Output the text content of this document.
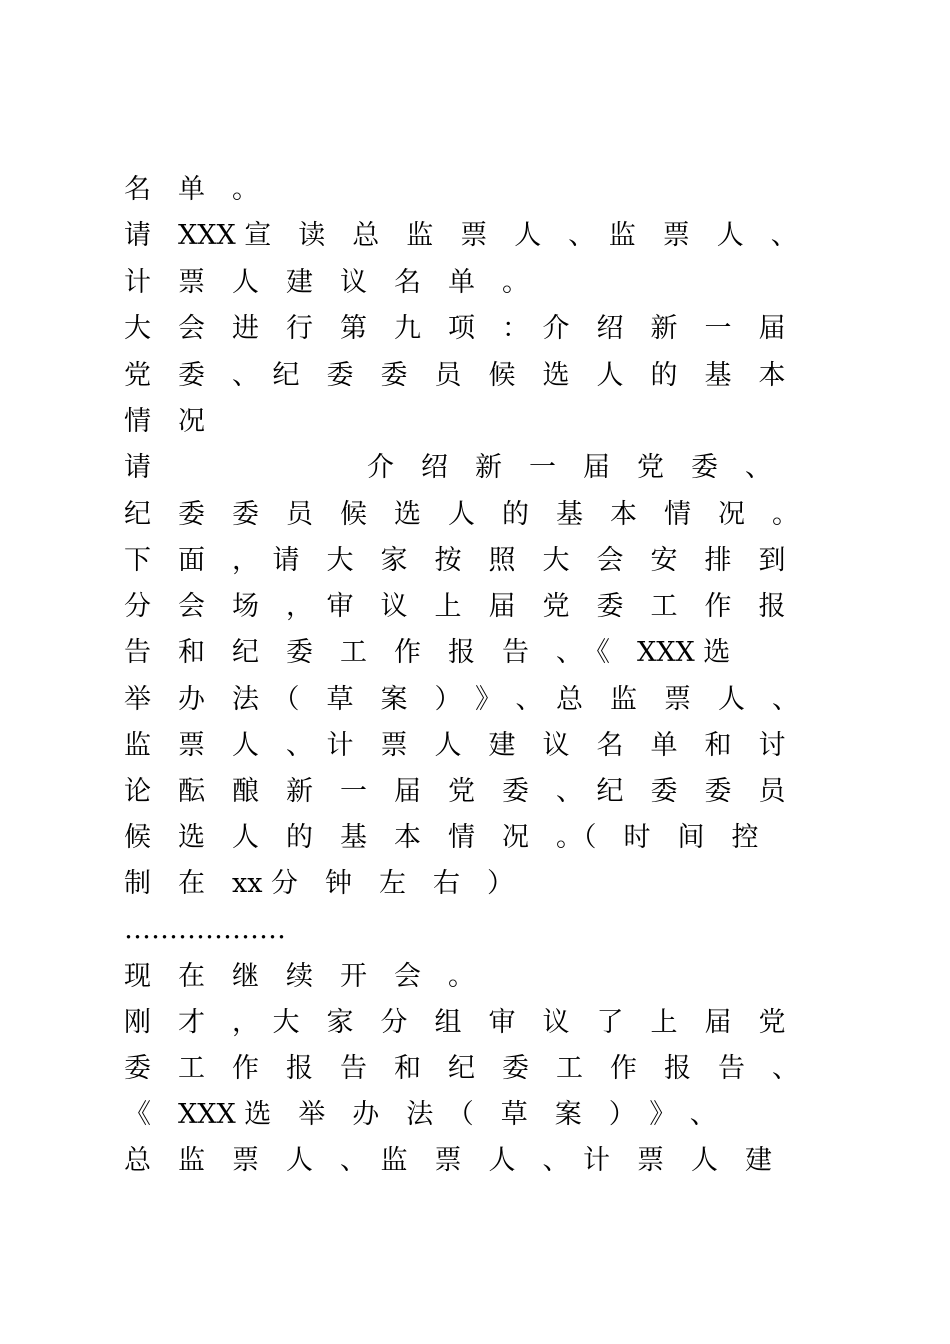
名　单　。
请　XXX 宣　读　总　监　票　人　、　监　票　人　、
计　票　人　建　议　名　单　。
大　会　进　行　第　九　项　：　介　绍　新　一　届
党　委　、　纪　委　委　员　候　选　人　的　基　本
情　况
请　　　　　　　　介　绍　新　一　届　党　委　、
纪　委　委　员　候　选　人　的　基　本　情　况　。
下　面　，　请　大　家　按　照　大　会　安　排　到
分　会　场　，　审　议　上　届　党　委　工　作　报
告　和　纪　委　工　作　报　告　、　《　XXX 选
举　办　法　（　草　案　）　》　、　总　监　票　人　、
监　票　人　、　计　票　人　建　议　名　单　和　讨
论　酝　酿　新　一　届　党　委　、　纪　委　委　员
候　选　人　的　基　本　情　况　。（　时　间　控
制　在　xx 分　钟　左　右　）
………………
现　在　继　续　开　会　。
刚　才　，　大　家　分　组　审　议　了　上　届　党
委　工　作　报　告　和　纪　委　工　作　报　告　、
《　XXX 选　举　办　法　（　草　案　）　》　、
总　监　票　人　、　监　票　人　、　计　票　人　建
